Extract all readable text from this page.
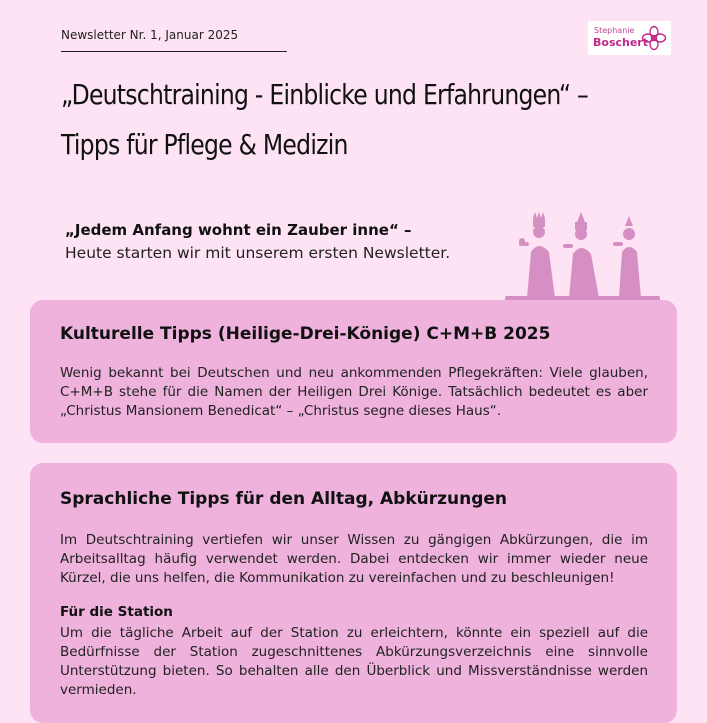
Newsletter Nr. 1, Januar 2025	Stephanie
Boschert
„Deutschtraining - Einblicke und Erfahrungen“ –
Tipps für Pflege & Medizin
„Jedem Anfang wohnt ein Zauber inne“ –
Heute starten wir mit unserem ersten Newsletter.
Kulturelle Tipps (Heilige-Drei-Könige) C+M+B 2025

Wenig bekannt bei Deutschen und neu ankommenden Pflegekräften: Viele glauben, C+M+B stehe für die Namen der Heiligen Drei Könige. Tatsächlich bedeutet es aber „Christus Mansionem Benedicat“ – „Christus segne dieses Haus“.

Sprachliche Tipps für den Alltag, Abkürzungen

Im Deutschtraining vertiefen wir unser Wissen zu gängigen Abkürzungen, die im Arbeitsalltag häufig verwendet werden. Dabei entdecken wir immer wieder neue Kürzel, die uns helfen, die Kommunikation zu vereinfachen und zu beschleunigen!

Für die Station

Um die tägliche Arbeit auf der Station zu erleichtern, könnte ein speziell auf die Bedürfnisse der Station zugeschnittenes Abkürzungsverzeichnis eine sinnvolle Unterstützung bieten. So behalten alle den Überblick und Missverständnisse werden vermieden.
